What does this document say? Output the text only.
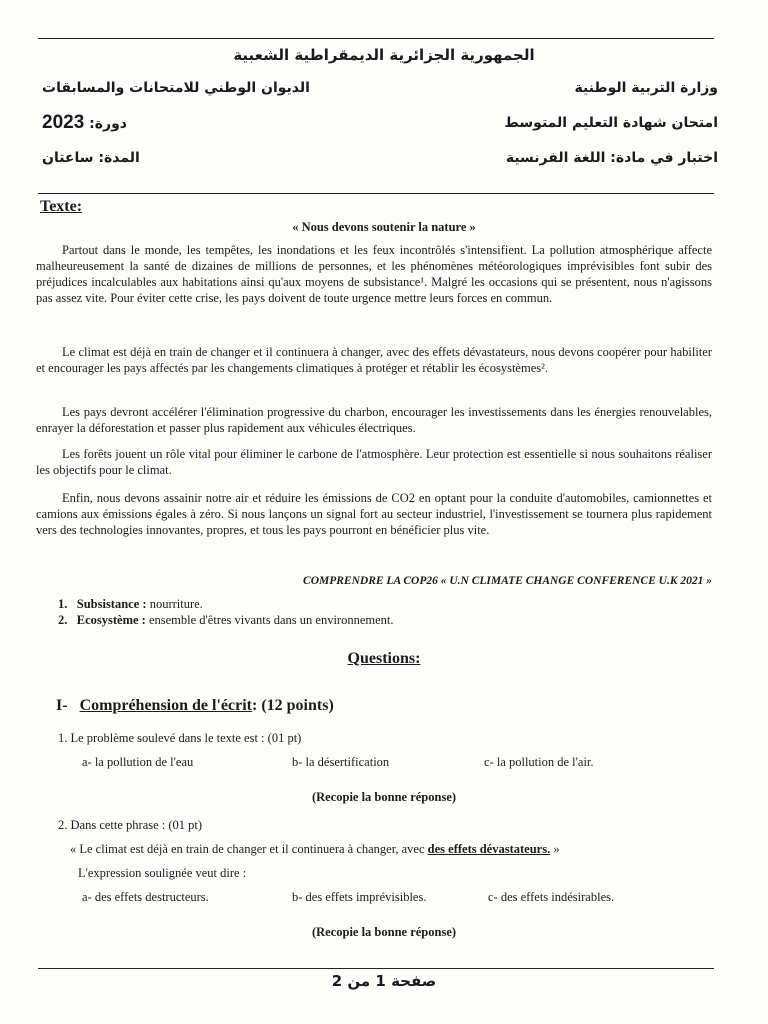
الجمهورية الجزائرية الديمقراطية الشعبية
وزارة التربية الوطنية
الديوان الوطني للامتحانات والمسابقات
امتحان شهادة التعليم المتوسط
دورة: 2023
اختبار في مادة: اللغة الفرنسية
المدة: ساعتان
Texte:
« Nous devons soutenir la nature »

Partout dans le monde, les tempêtes, les inondations et les feux incontrôlés s'intensifient. La pollution atmosphérique affecte malheureusement la santé de dizaines de millions de personnes, et les phénomènes météorologiques imprévisibles font subir des préjudices incalculables aux habitations ainsi qu'aux moyens de subsistance¹. Malgré les occasions qui se présentent, nous n'agissons pas assez vite. Pour éviter cette crise, les pays doivent de toute urgence mettre leurs forces en commun.

Le climat est déjà en train de changer et il continuera à changer, avec des effets dévastateurs, nous devons coopérer pour habiliter et encourager les pays affectés par les changements climatiques à protéger et rétablir les écosystèmes².

Les pays devront accélérer l'élimination progressive du charbon, encourager les investissements dans les énergies renouvelables, enrayer la déforestation et passer plus rapidement aux véhicules électriques.

Les forêts jouent un rôle vital pour éliminer le carbone de l'atmosphère. Leur protection est essentielle si nous souhaitons réaliser les objectifs pour le climat.

Enfin, nous devons assainir notre air et réduire les émissions de CO2 en optant pour la conduite d'automobiles, camionnettes et camions aux émissions égales à zéro. Si nous lançons un signal fort au secteur industriel, l'investissement se tournera plus rapidement vers des technologies innovantes, propres, et tous les pays pourront en bénéficier plus vite.

COMPRENDRE LA COP26 « U.N CLIMATE CHANGE CONFERENCE U.K 2021 »
1. Subsistance : nourriture.
2. Ecosystème : ensemble d'êtres vivants dans un environnement.
Questions:
I- Compréhension de l'écrit: (12 points)
1. Le problème soulevé dans le texte est : (01 pt)
a- la pollution de l'eau	b- la désertification	c- la pollution de l'air.
(Recopie la bonne réponse)
2. Dans cette phrase : (01 pt)
« Le climat est déjà en train de changer et il continuera à changer, avec des effets dévastateurs. »
L'expression soulignée veut dire :
a- des effets destructeurs.	b- des effets imprévisibles.	c- des effets indésirables.
(Recopie la bonne réponse)
صفحة 1 من 2
